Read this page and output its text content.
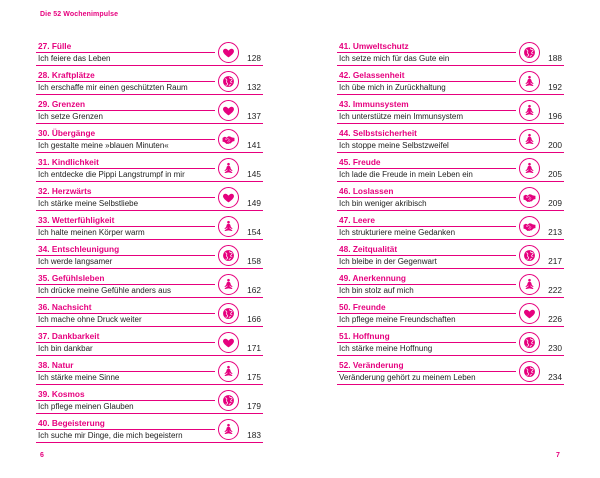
Die 52 Wochenimpulse
27. Fülle
Ich feiere das Leben	128
28. Kraftplätze
Ich erschaffe mir einen geschützten Raum	132
29. Grenzen
Ich setze Grenzen	137
30. Übergänge
Ich gestalte meine »blauen Minuten«	141
31. Kindlichkeit
Ich entdecke die Pippi Langstrumpf in mir	145
32. Herzwärts
Ich stärke meine Selbstliebe	149
33. Wetterfühligkeit
Ich halte meinen Körper warm	154
34. Entschleunigung
Ich werde langsamer	158
35. Gefühlsleben
Ich drücke meine Gefühle anders aus	162
36. Nachsicht
Ich mache ohne Druck weiter	166
37. Dankbarkeit
Ich bin dankbar	171
38. Natur
Ich stärke meine Sinne	175
39. Kosmos
Ich pflege meinen Glauben	179
40. Begeisterung
Ich suche mir Dinge, die mich begeistern	183
41. Umweltschutz
Ich setze mich für das Gute ein	188
42. Gelassenheit
Ich übe mich in Zurückhaltung	192
43. Immunsystem
Ich unterstütze mein Immunsystem	196
44. Selbstsicherheit
Ich stoppe meine Selbstzweifel	200
45. Freude
Ich lade die Freude in mein Leben ein	205
46. Loslassen
Ich bin weniger akribisch	209
47. Leere
Ich strukturiere meine Gedanken	213
48. Zeitqualität
Ich bleibe in der Gegenwart	217
49. Anerkennung
Ich bin stolz auf mich	222
50. Freunde
Ich pflege meine Freundschaften	226
51. Hoffnung
Ich stärke meine Hoffnung	230
52. Veränderung
Veränderung gehört zu meinem Leben	234
6	7
